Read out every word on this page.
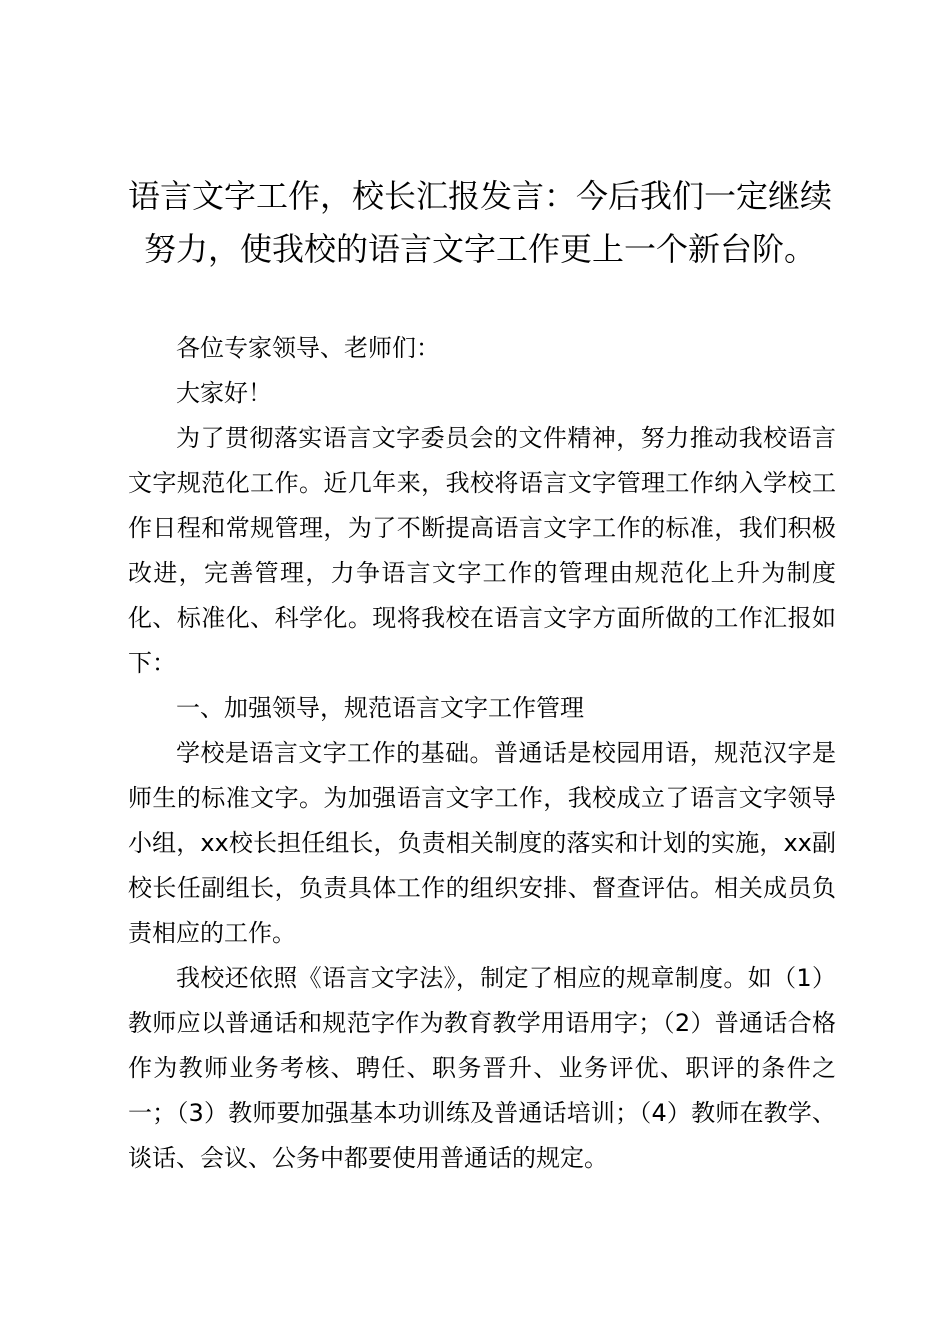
语言文字工作，校长汇报发言：今后我们一定继续努力，使我校的语言文字工作更上一个新台阶。

各位专家领导、老师们：

大家好！

为了贯彻落实语言文字委员会的文件精神，努力推动我校语言文字规范化工作。近几年来，我校将语言文字管理工作纳入学校工作日程和常规管理，为了不断提高语言文字工作的标准，我们积极改进，完善管理，力争语言文字工作的管理由规范化上升为制度化、标准化、科学化。现将我校在语言文字方面所做的工作汇报如下：

一、加强领导，规范语言文字工作管理

学校是语言文字工作的基础。普通话是校园用语，规范汉字是师生的标准文字。为加强语言文字工作，我校成立了语言文字领导小组，xx校长担任组长，负责相关制度的落实和计划的实施，xx副校长任副组长，负责具体工作的组织安排、督查评估。相关成员负责相应的工作。

我校还依照《语言文字法》，制定了相应的规章制度。如（1）教师应以普通话和规范字作为教育教学用语用字；（2）普通话合格作为教师业务考核、聘任、职务晋升、业务评优、职评的条件之一；（3）教师要加强基本功训练及普通话培训；（4）教师在教学、谈话、会议、公务中都要使用普通话的规定。
